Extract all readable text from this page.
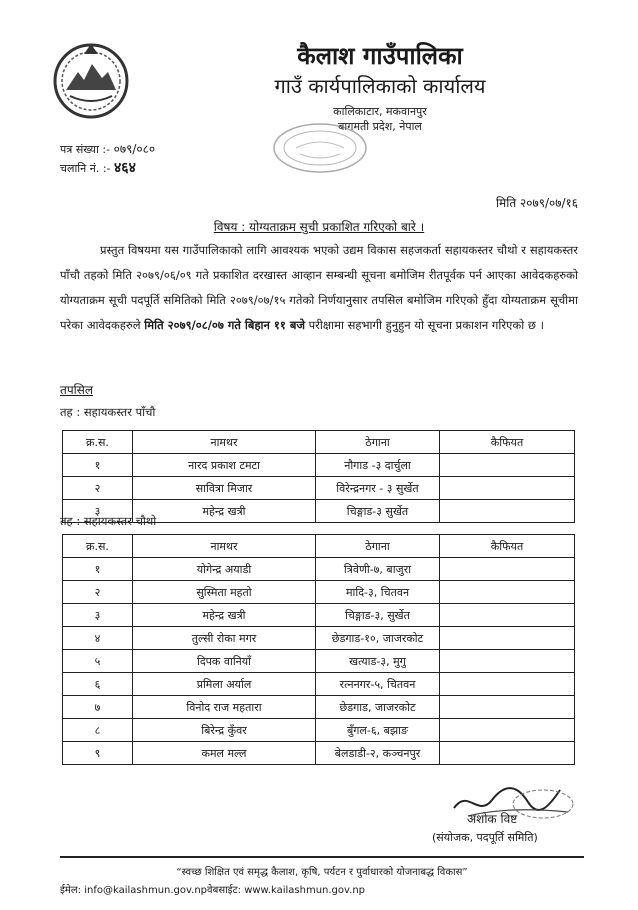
कैलाश गाउँपालिका
गाउँ कार्यपालिकाको कार्यालय
कालिकाटार, मकवानपुर
बागमती प्रदेश, नेपाल
पत्र संख्या :- ०७९/०८०
चलानि नं. :- ४६४
मिति २०७९/०७/१६
विषय : योग्यताक्रम सुची प्रकाशित गरिएको बारे ।

प्रस्तुत विषयमा यस गाउँपालिकाको लागि आवश्यक भएको उद्यम विकास सहजकर्ता सहायकस्तर चौथो र सहायकस्तर पाँचौ तहको मिति २०७९/०६/०९ गते प्रकाशित दरखास्त आव्हान सम्बन्धी सूचना बमोजिम रीतपूर्वक पर्न आएका आवेदकहरुको योग्यताक्रम सूची पदपूर्ति समितिको मिति २०७९/०७/१५ गतेको निर्णयानुसार तपसिल बमोजिम गरिएको हुँदा योग्यताक्रम सूचीमा परेका आवेदकहरुले मिति २०७९/०८/०७ गते बिहान ११ बजे परीक्षामा सहभागी हुनुहुन यो सूचना प्रकाशन गरिएको छ ।

तपसिल
तह : सहायकस्तर पाँचौ
क्र.स.	नामथर	ठेगाना	कैफियत
१	नारद प्रकाश टमटा	नौगाड -३ दार्चुला	
२	सावित्रा मिजार	विरेन्द्रनगर - ३ सुर्खेत	
३	महेन्द्र खत्री	चिङ्गाड-३ सुर्खेत	
तह : सहायकस्तर चौथो
क्र.स.	नामथर	ठेगाना	कैफियत
१	योगेन्द्र अयाडी	त्रिवेणी-७, बाजुरा	
२	सुस्मिता महतो	मादि-३, चितवन	
३	महेन्द्र खत्री	चिङ्गाड-३, सुर्खेत	
४	तुल्सी रोका मगर	छेडगाड-१०, जाजरकोट	
५	दिपक वानियाँ	खत्याड-३, मुगु	
६	प्रमिला अर्याल	रत्ननगर-५, चितवन	
७	विनोद राज महतारा	छेडगाड, जाजरकोट	
८	बिरेन्द्र कुँवर	बुँगल-६, बझाङ	
९	कमल मल्ल	बेलडाडी-२, कञ्चनपुर	
अशोक विष्ट
(संयोजक, पदपूर्ति समिति)
“स्वच्छ शिक्षित एवं समृद्ध कैलाश, कृषि, पर्यटन र पुर्वाधारको योजनाबद्ध विकास”
ईमेल: info@kailashmun.gov.npवेबसाईट: www.kailashmun.gov.np
